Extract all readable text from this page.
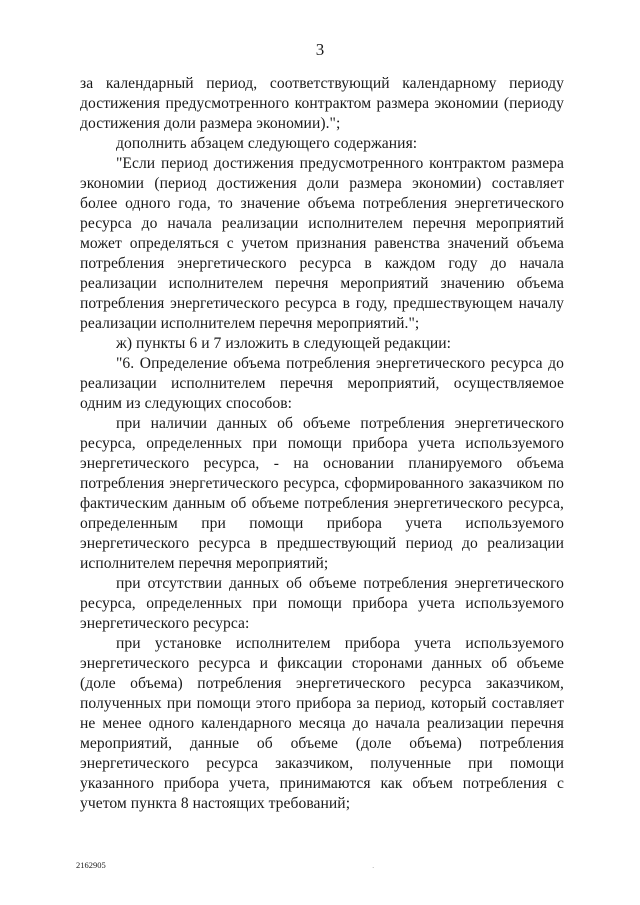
3

за календарный период, соответствующий календарному периоду достижения предусмотренного контрактом размера экономии (периоду достижения доли размера экономии).";

дополнить абзацем следующего содержания:

"Если период достижения предусмотренного контрактом размера экономии (период достижения доли размера экономии) составляет более одного года, то значение объема потребления энергетического ресурса до начала реализации исполнителем перечня мероприятий может определяться с учетом признания равенства значений объема потребления энергетического ресурса в каждом году до начала реализации исполнителем перечня мероприятий значению объема потребления энергетического ресурса в году, предшествующем началу реализации исполнителем перечня мероприятий.";

ж) пункты 6 и 7 изложить в следующей редакции:

"6. Определение объема потребления энергетического ресурса до реализации исполнителем перечня мероприятий, осуществляемое одним из следующих способов:

при наличии данных об объеме потребления энергетического ресурса, определенных при помощи прибора учета используемого энергетического ресурса, - на основании планируемого объема потребления энергетического ресурса, сформированного заказчиком по фактическим данным об объеме потребления энергетического ресурса, определенным при помощи прибора учета используемого энергетического ресурса в предшествующий период до реализации исполнителем перечня мероприятий;

при отсутствии данных об объеме потребления энергетического ресурса, определенных при помощи прибора учета используемого энергетического ресурса:

при установке исполнителем прибора учета используемого энергетического ресурса и фиксации сторонами данных об объеме (доле объема) потребления энергетического ресурса заказчиком, полученных при помощи этого прибора за период, который составляет не менее одного календарного месяца до начала реализации перечня мероприятий, данные об объеме (доле объема) потребления энергетического ресурса заказчиком, полученные при помощи указанного прибора учета, принимаются как объем потребления с учетом пункта 8 настоящих требований;

2162905	·
